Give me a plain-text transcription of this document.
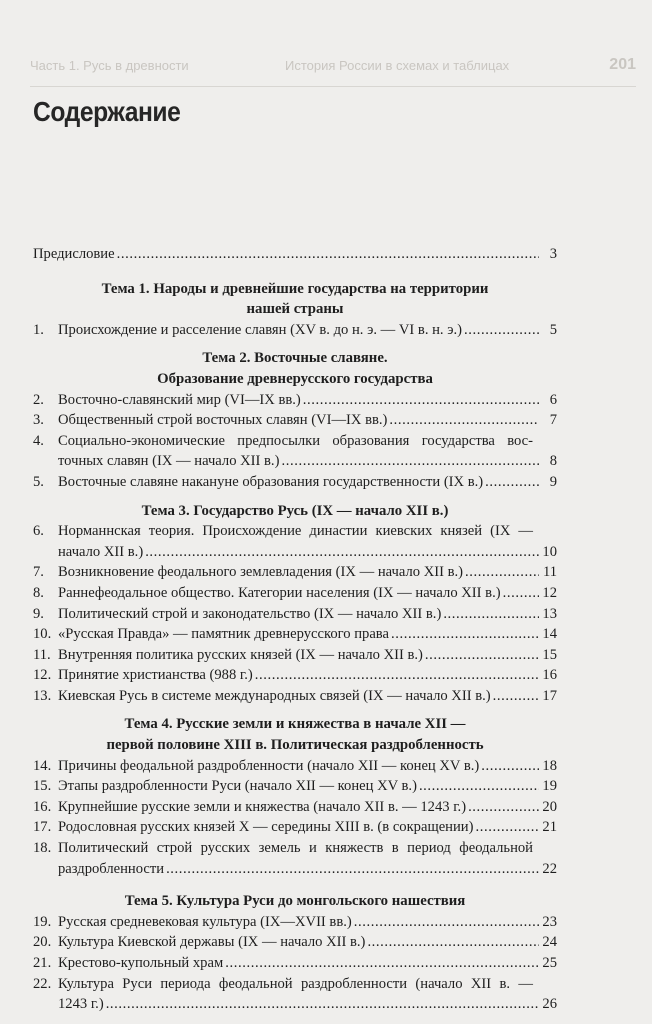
Часть 1. Русь в древности	История России в схемах и таблицах	201
Содержание
Предисловие .....	3
Тема 1. Народы и древнейшие государства на территории
нашей страны
1. Происхождение и расселение славян (XV в. до н. э. — VI в. н. э.) .....	5
Тема 2. Восточные славяне.
Образование древнерусского государства
2. Восточно-славянский мир (VI—IX вв.) .....	6
3. Общественный строй восточных славян (VI—IX вв.) .....	7
4. Социально-экономические предпосылки образования государства вос-
точных славян (IX — начало XII в.) .....	8
5. Восточные славяне накануне образования государственности (IX в.) .....	9
Тема 3. Государство Русь (IX — начало XII в.)
6. Норманнская теория. Происхождение династии киевских князей (IX —
начало XII в.) .....	10
7. Возникновение феодального землевладения (IX — начало XII в.) .....	11
8. Раннефеодальное общество. Категории населения (IX — начало XII в.) .....	12
9. Политический строй и законодательство (IX — начало XII в.) .....	13
10. «Русская Правда» — памятник древнерусского права .....	14
11. Внутренняя политика русских князей (IX — начало XII в.) .....	15
12. Принятие христианства (988 г.) .....	16
13. Киевская Русь в системе международных связей (IX — начало XII в.) .....	17
Тема 4. Русские земли и княжества в начале XII —
первой половине XIII в. Политическая раздробленность
14. Причины феодальной раздробленности (начало XII — конец XV в.) .....	18
15. Этапы раздробленности Руси (начало XII — конец XV в.) .....	19
16. Крупнейшие русские земли и княжества (начало XII в. — 1243 г.) .....	20
17. Родословная русских князей X — середины XIII в. (в сокращении) .....	21
18. Политический строй русских земель и княжеств в период феодальной
раздробленности .....	22
Тема 5. Культура Руси до монгольского нашествия
19. Русская средневековая культура (IX—XVII вв.) .....	23
20. Культура Киевской державы (IX — начало XII в.) .....	24
21. Крестово-купольный храм .....	25
22. Культура Руси периода феодальной раздробленности (начало XII в. —
1243 г.) .....	26
